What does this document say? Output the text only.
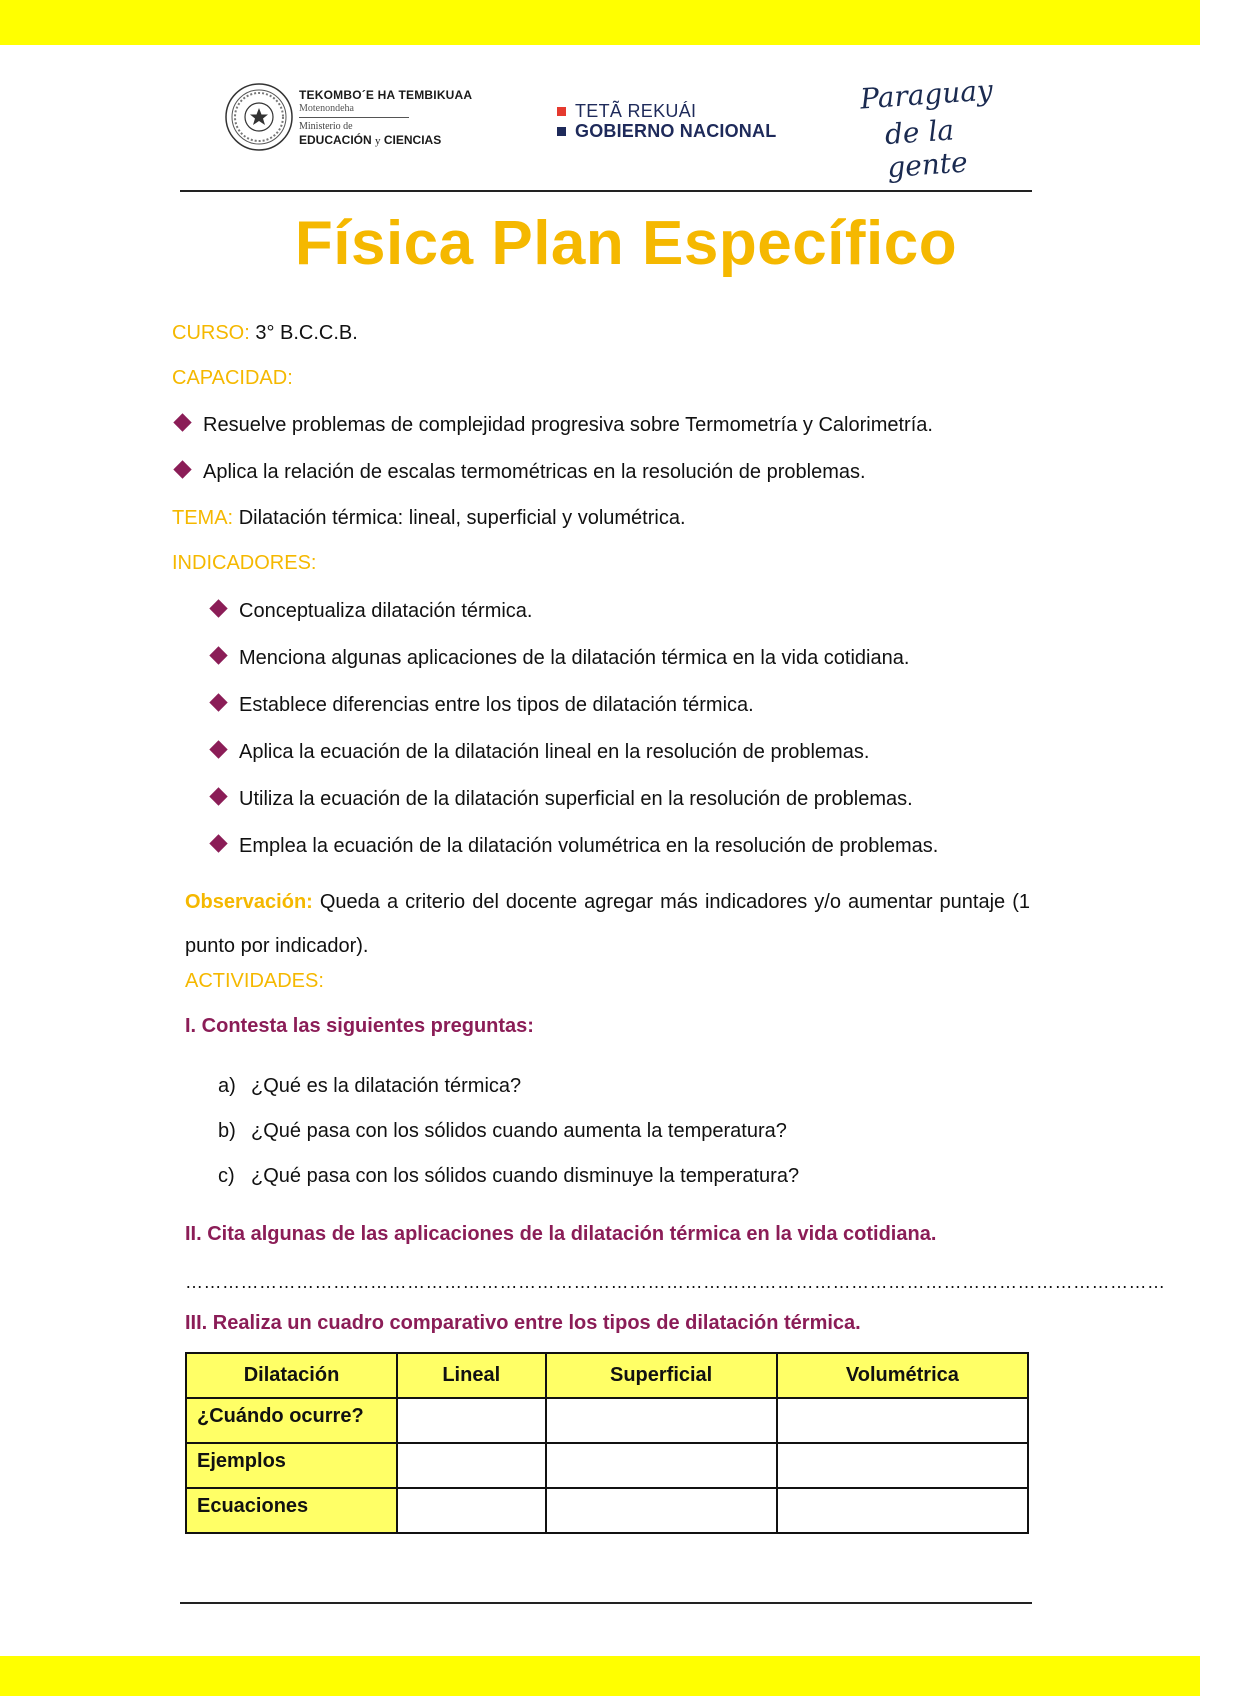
TEKOMBO´E HA TEMBIKUAA
Motenondeha
Ministerio de
EDUCACIÓN y CIENCIAS
TETÃ REKUÁI
GOBIERNO NACIONAL
Paraguay
de la gente
Física Plan Específico
CURSO: 3° B.C.C.B.
CAPACIDAD:
Resuelve problemas de complejidad progresiva sobre Termometría y Calorimetría.
Aplica la relación de escalas termométricas en la resolución de problemas.
TEMA: Dilatación térmica: lineal, superficial y volumétrica.
INDICADORES:
Conceptualiza dilatación térmica.
Menciona algunas aplicaciones de la dilatación térmica en la vida cotidiana.
Establece diferencias entre los tipos de dilatación térmica.
Aplica la ecuación de la dilatación lineal en la resolución de problemas.
Utiliza la ecuación de la dilatación superficial en la resolución de problemas.
Emplea la ecuación de la dilatación volumétrica en la resolución de problemas.
Observación: Queda a criterio del docente agregar más indicadores y/o aumentar puntaje (1 punto por indicador).
ACTIVIDADES:
I. Contesta las siguientes preguntas:
a) ¿Qué es la dilatación térmica?
b) ¿Qué pasa con los sólidos cuando aumenta la temperatura?
c) ¿Qué pasa con los sólidos cuando disminuye la temperatura?
II. Cita algunas de las aplicaciones de la dilatación térmica en la vida cotidiana.
……………………………………………………………………………………………………………………………………………
III. Realiza un cuadro comparativo entre los tipos de dilatación térmica.
Dilatación	Lineal	Superficial	Volumétrica
¿Cuándo ocurre?			
Ejemplos			
Ecuaciones			
